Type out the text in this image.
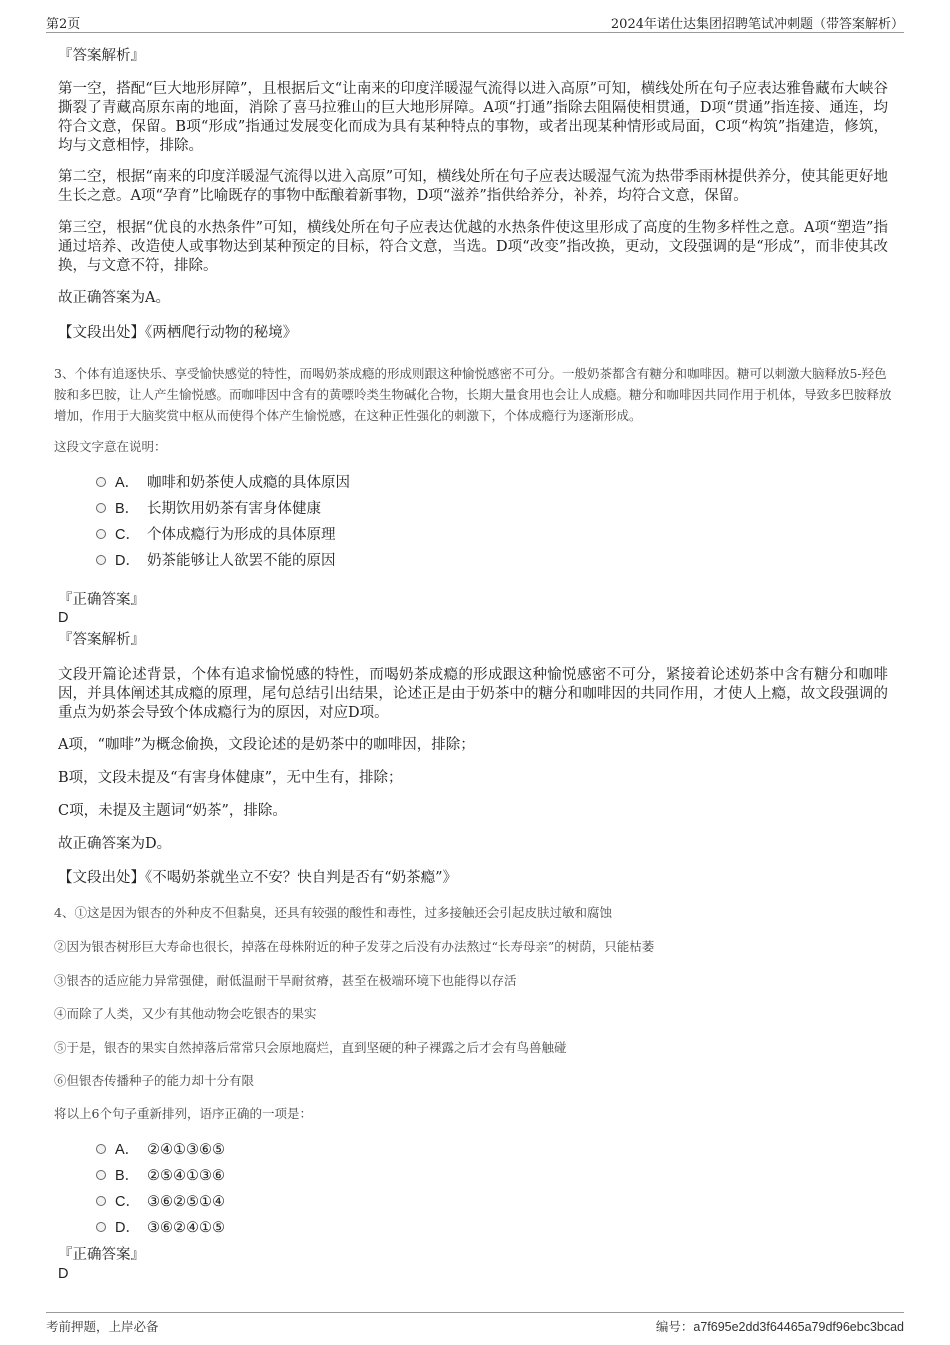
第2页	2024年诺仕达集团招聘笔试冲刺题（带答案解析）
『答案解析』
第一空，搭配“巨大地形屏障”，且根据后文“让南来的印度洋暖湿气流得以进入高原”可知，横线处所在句子应表达雅鲁藏布大峡谷撕裂了青藏高原东南的地面，消除了喜马拉雅山的巨大地形屏障。A项“打通”指除去阻隔使相贯通，D项“贯通”指连接、通连，均符合文意，保留。B项“形成”指通过发展变化而成为具有某种特点的事物，或者出现某种情形或局面，C项“构筑”指建造，修筑，均与文意相悖，排除。
第二空，根据“南来的印度洋暖湿气流得以进入高原”可知，横线处所在句子应表达暖湿气流为热带季雨林提供养分，使其能更好地生长之意。A项“孕育”比喻既存的事物中酝酿着新事物，D项“滋养”指供给养分，补养，均符合文意，保留。
第三空，根据“优良的水热条件”可知，横线处所在句子应表达优越的水热条件使这里形成了高度的生物多样性之意。A项“塑造”指通过培养、改造使人或事物达到某种预定的目标，符合文意，当选。D项“改变”指改换，更动，文段强调的是“形成”，而非使其改换，与文意不符，排除。
故正确答案为A。
【文段出处】《两栖爬行动物的秘境》
3、个体有追逐快乐、享受愉快感觉的特性，而喝奶茶成瘾的形成则跟这种愉悦感密不可分。一般奶茶都含有糖分和咖啡因。糖可以刺激大脑释放5-羟色胺和多巴胺，让人产生愉悦感。而咖啡因中含有的黄嘌呤类生物碱化合物，长期大量食用也会让人成瘾。糖分和咖啡因共同作用于机体，导致多巴胺释放增加，作用于大脑奖赏中枢从而使得个体产生愉悦感，在这种正性强化的刺激下，个体成瘾行为逐渐形成。
这段文字意在说明：
A． 咖啡和奶茶使人成瘾的具体原因
B． 长期饮用奶茶有害身体健康
C． 个体成瘾行为形成的具体原理
D． 奶茶能够让人欲罢不能的原因
『正确答案』
D
『答案解析』
文段开篇论述背景，个体有追求愉悦感的特性，而喝奶茶成瘾的形成跟这种愉悦感密不可分，紧接着论述奶茶中含有糖分和咖啡因，并具体阐述其成瘾的原理，尾句总结引出结果，论述正是由于奶茶中的糖分和咖啡因的共同作用，才使人上瘾，故文段强调的重点为奶茶会导致个体成瘾行为的原因，对应D项。
A项，“咖啡”为概念偷换，文段论述的是奶茶中的咖啡因，排除；
B项，文段未提及“有害身体健康”，无中生有，排除；
C项，未提及主题词“奶茶”，排除。
故正确答案为D。
【文段出处】《不喝奶茶就坐立不安？快自判是否有“奶茶瘾”》
4、①这是因为银杏的外种皮不但黏臭，还具有较强的酸性和毒性，过多接触还会引起皮肤过敏和腐蚀
②因为银杏树形巨大寿命也很长，掉落在母株附近的种子发芽之后没有办法熬过“长寿母亲”的树荫，只能枯萎
③银杏的适应能力异常强健，耐低温耐干旱耐贫瘠，甚至在极端环境下也能得以存活
④而除了人类，又少有其他动物会吃银杏的果实
⑤于是，银杏的果实自然掉落后常常只会原地腐烂，直到坚硬的种子裸露之后才会有鸟兽触碰
⑥但银杏传播种子的能力却十分有限
将以上6个句子重新排列，语序正确的一项是：
A． ②④①③⑥⑤
B． ②⑤④①③⑥
C． ③⑥②⑤①④
D． ③⑥②④①⑤
『正确答案』
D
考前押题，上岸必备	编号：a7f695e2dd3f64465a79df96ebc3bcad
